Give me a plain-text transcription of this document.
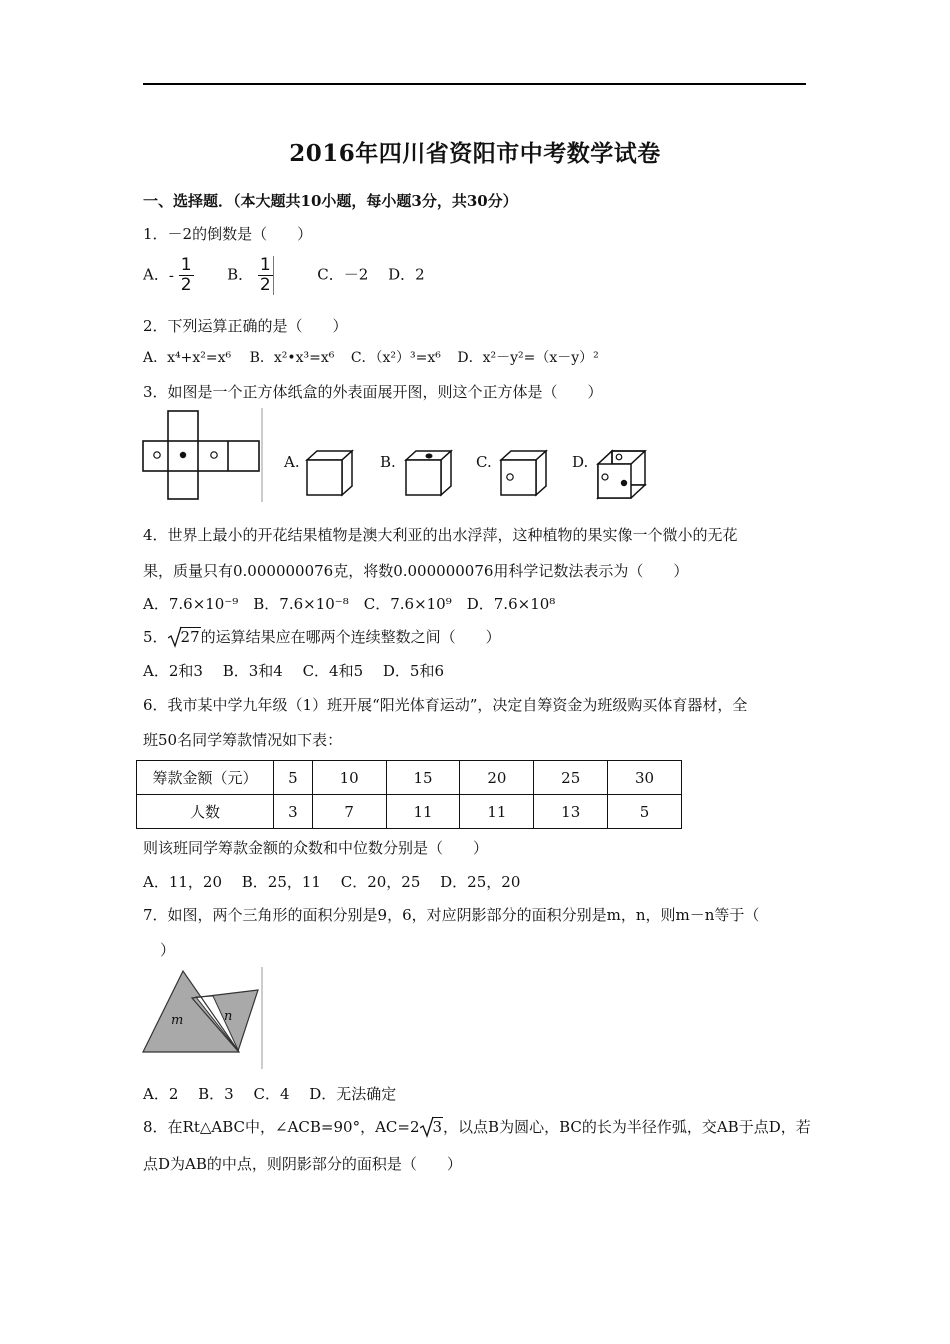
2016年四川省资阳市中考数学试卷
一、选择题．（本大题共10小题，每小题3分，共30分）
1．－2的倒数是（　　）
A．- $\frac{1}{2}$ B． $\frac{1}{2}$	C．－2　 D．2
2．下列运算正确的是（　　）
A．x⁴+x²=x⁶ B．x²•x³=x⁶ C．（x²）³=x⁶ D．x²－y²=（x－y）²
3．如图是一个正方体纸盒的外表面展开图，则这个正方体是（　　）
A.	B.	C.	D.
4．世界上最小的开花结果植物是澳大利亚的出水浮萍，这种植物的果实像一个微小的无花
果，质量只有0.000000076克，将数0.000000076用科学记数法表示为（　　）
A．7.6×10⁻⁹　B．7.6×10⁻⁸　C．7.6×10⁹　D．7.6×10⁸
5． 27的运算结果应在哪两个连续整数之间（　　）
A．2和3　 B．3和4　 C．4和5　 D．5和6
6．我市某中学九年级（1）班开展“阳光体育运动”，决定自筹资金为班级购买体育器材，全
班50名同学筹款情况如下表：
筹款金额（元）	5	10	15	20	25	30
人数	3	7	11	11	13	5
则该班同学筹款金额的众数和中位数分别是（　　）
A．11，20　 B．25，11　 C．20，25　 D．25，20
7．如图，两个三角形的面积分别是9，6，对应阴影部分的面积分别是m，n，则m－n等于（
）
m	n
A．2　 B．3　 C．4　 D．无法确定
8．在Rt△ABC中，∠ACB=90°，AC=2 3，以点B为圆心，BC的长为半径作弧，交AB于点D，若
点D为AB的中点，则阴影部分的面积是（　　）
